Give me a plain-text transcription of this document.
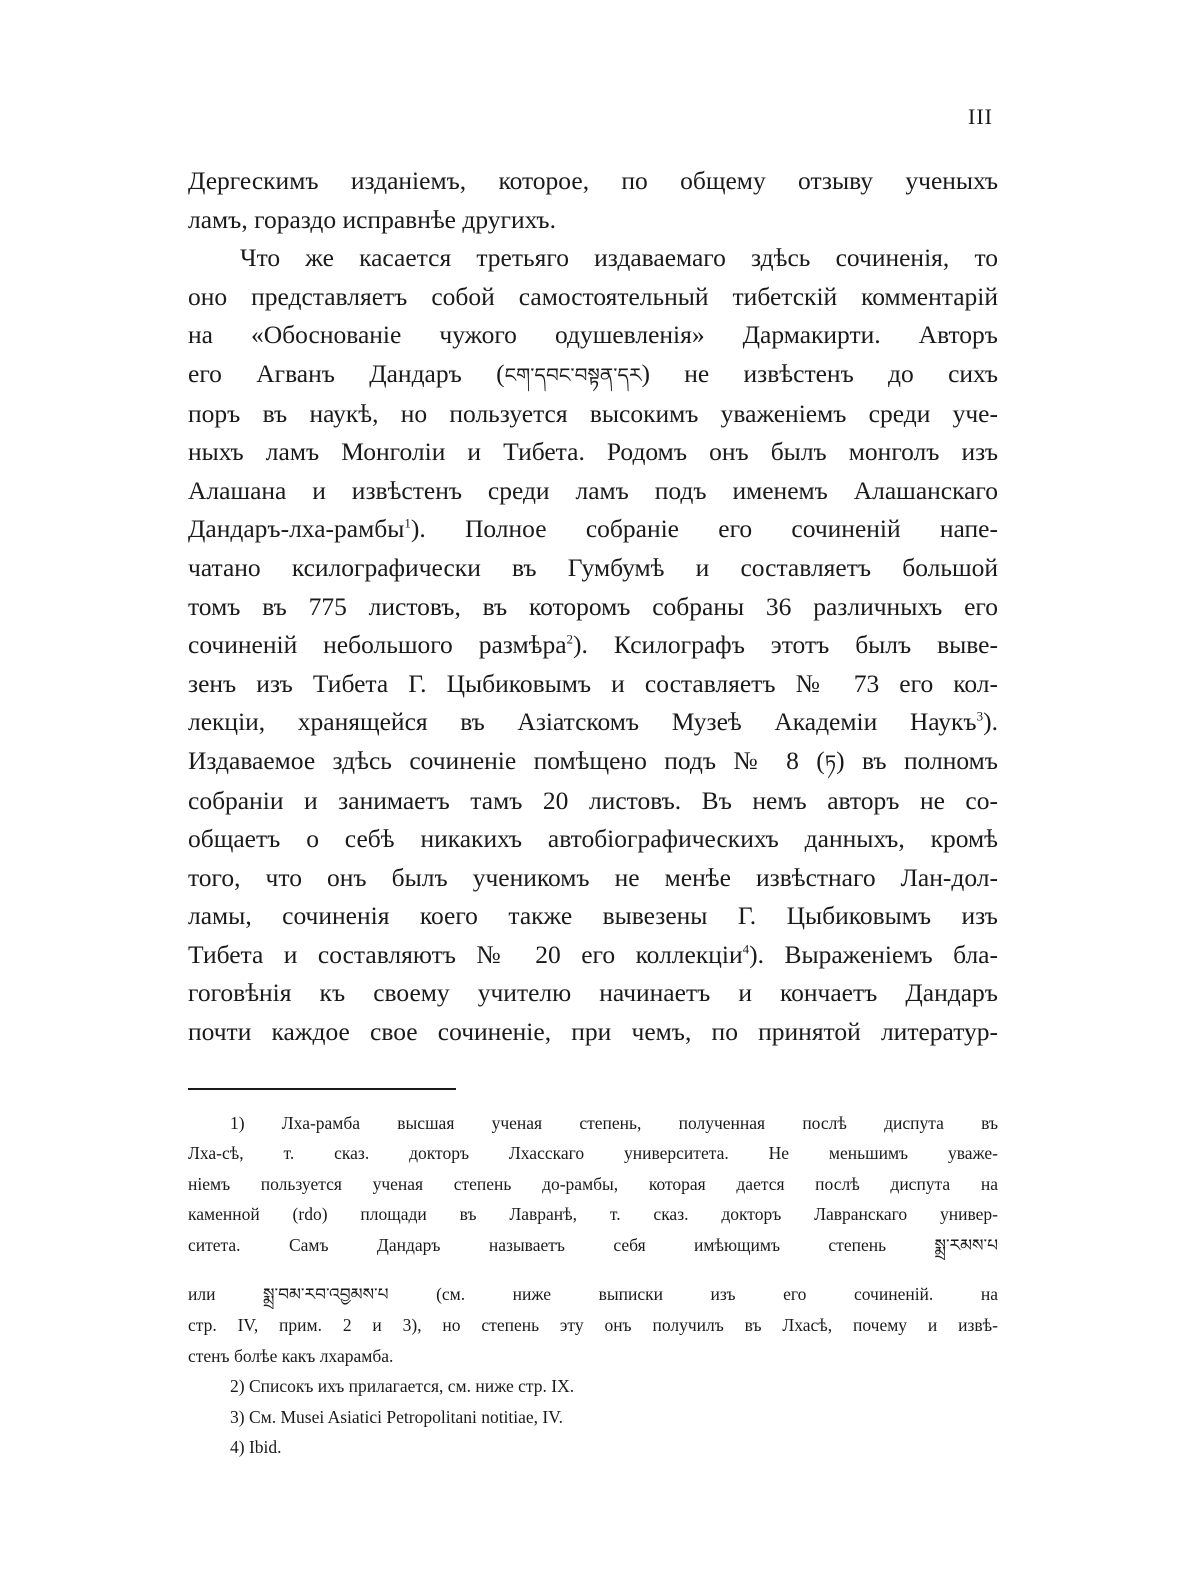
III
Дергескимъ изданіемъ, которое, по общему отзыву ученыхъ
ламъ, гораздо исправнѣе другихъ.
Что же касается третьяго издаваемаго здѣсь сочиненія, то
оно представляетъ собой самостоятельный тибетскій комментарій
на «Обоснованіе чужого одушевленія» Дармакирти. Авторъ
его Агванъ Дандаръ (ངག་དབང་བསྟན་དར) не извѣстенъ до сихъ
поръ въ наукѣ, но пользуется высокимъ уваженіемъ среди уче-
ныхъ ламъ Монголіи и Тибета. Родомъ онъ былъ монголъ изъ
Алашана и извѣстенъ среди ламъ подъ именемъ Алашанскаго
Дандаръ-лха-рамбы$^1$). Полное собраніе его сочиненій напе-
чатано ксилографически въ Гумбумѣ и составляетъ большой
томъ въ 775 листовъ, въ которомъ собраны 36 различныхъ его
сочиненій небольшого размѣра$^2$). Ксилографъ этотъ былъ выве-
зенъ изъ Тибета Г. Цыбиковымъ и составляетъ № 73 его кол-
лекціи, хранящейся въ Азіатскомъ Музеѣ Академіи Наукъ$^3$).
Издаваемое здѣсь сочиненіе помѣщено подъ № 8 (ཏ) въ полномъ
собраніи и занимаетъ тамъ 20 листовъ. Въ немъ авторъ не со-
общаетъ о себѣ никакихъ автобіографическихъ данныхъ, кромѣ
того, что онъ былъ ученикомъ не менѣе извѣстнаго Лан-дол-
ламы, сочиненія коего также вывезены Г. Цыбиковымъ изъ
Тибета и составляютъ № 20 его коллекціи$^4$). Выраженіемъ бла-
гоговѣнія къ своему учителю начинаетъ и кончаетъ Дандаръ
почти каждое свое сочиненіе, при чемъ, по принятой литератур-
1) Лха-рамба высшая ученая степень, полученная послѣ диспута въ
Лха-сѣ, т. сказ. докторъ Лхасскаго университета. Не меньшимъ уваже-
ніемъ пользуется ученая степень до-рамбы, которая дается послѣ диспута на
каменной (rdo) площади въ Лавранѣ, т. сказ. докторъ Лавранскаго универ-
ситета. Самъ Дандаръ называетъ себя имѣющимъ степень སྨྲ་རམས་པ
или སྨྲ་བམ་རབ་འབྱམས་པ (см. ниже выписки изъ его сочиненій. на
стр. IV, прим. 2 и 3), но степень эту онъ получилъ въ Лхасѣ, почему и извѣ-
стенъ болѣе какъ лхарамба.
2) Списокъ ихъ прилагается, см. ниже стр. IX.
3) См. Musei Asiatici Petropolitani notitiae, IV.
4) Ibid.
